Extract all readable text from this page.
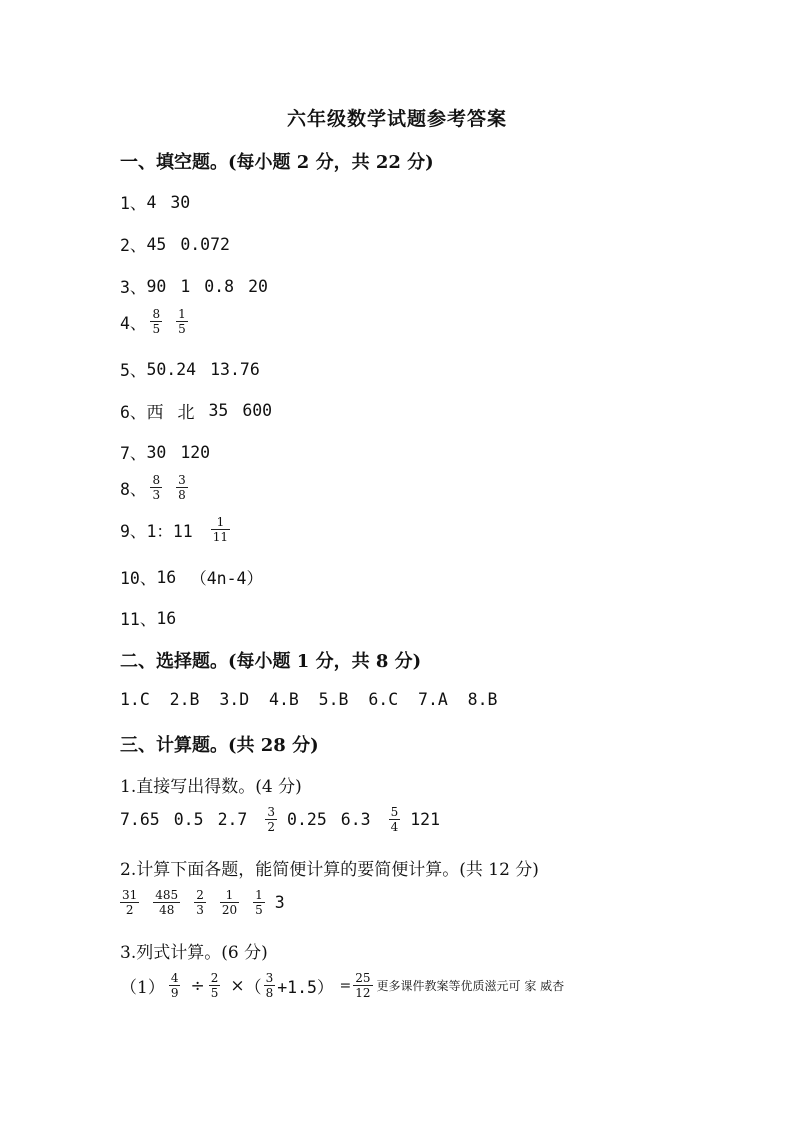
六年级数学试题参考答案
一、填空题。(每小题 2 分，共 22 分)
1、 4 30
2、 45 0.072
3、 90 1 0.8 20
4、 $\frac{8}{5} \frac{1}{5}$
5、 50.24 13.76
6、 西 北 35 600
7、 30 120
8、 $\frac{8}{3} \frac{3}{8}$
9、 1：$11 \frac{1}{11}$
10、 16 （4n-4）
11、 16
二、选择题。(每小题 1 分，共 8 分)
1.C  2.B  3.D  4.B  5.B  6.C  7.A  8.B
三、计算题。(共 28 分)
1.直接写出得数。(4 分)
7.65 0.5 $2.7 \frac{3}{2} 0.25$ $6.3 \frac{5}{4} 121$
2.计算下面各题，能简便计算的要简便计算。(共 12 分)
$\frac{31}{2} \frac{485}{48} \frac{2}{3} \frac{1}{20} \frac{1}{5} 3$
3.列式计算。(6 分)
$(1) \frac{4}{9} \div \frac{2}{5}$ × （ $\frac{3}{8} +1.5) = \frac{25}{12}$ 更多课件教案等优质滋元可 家 威杏
